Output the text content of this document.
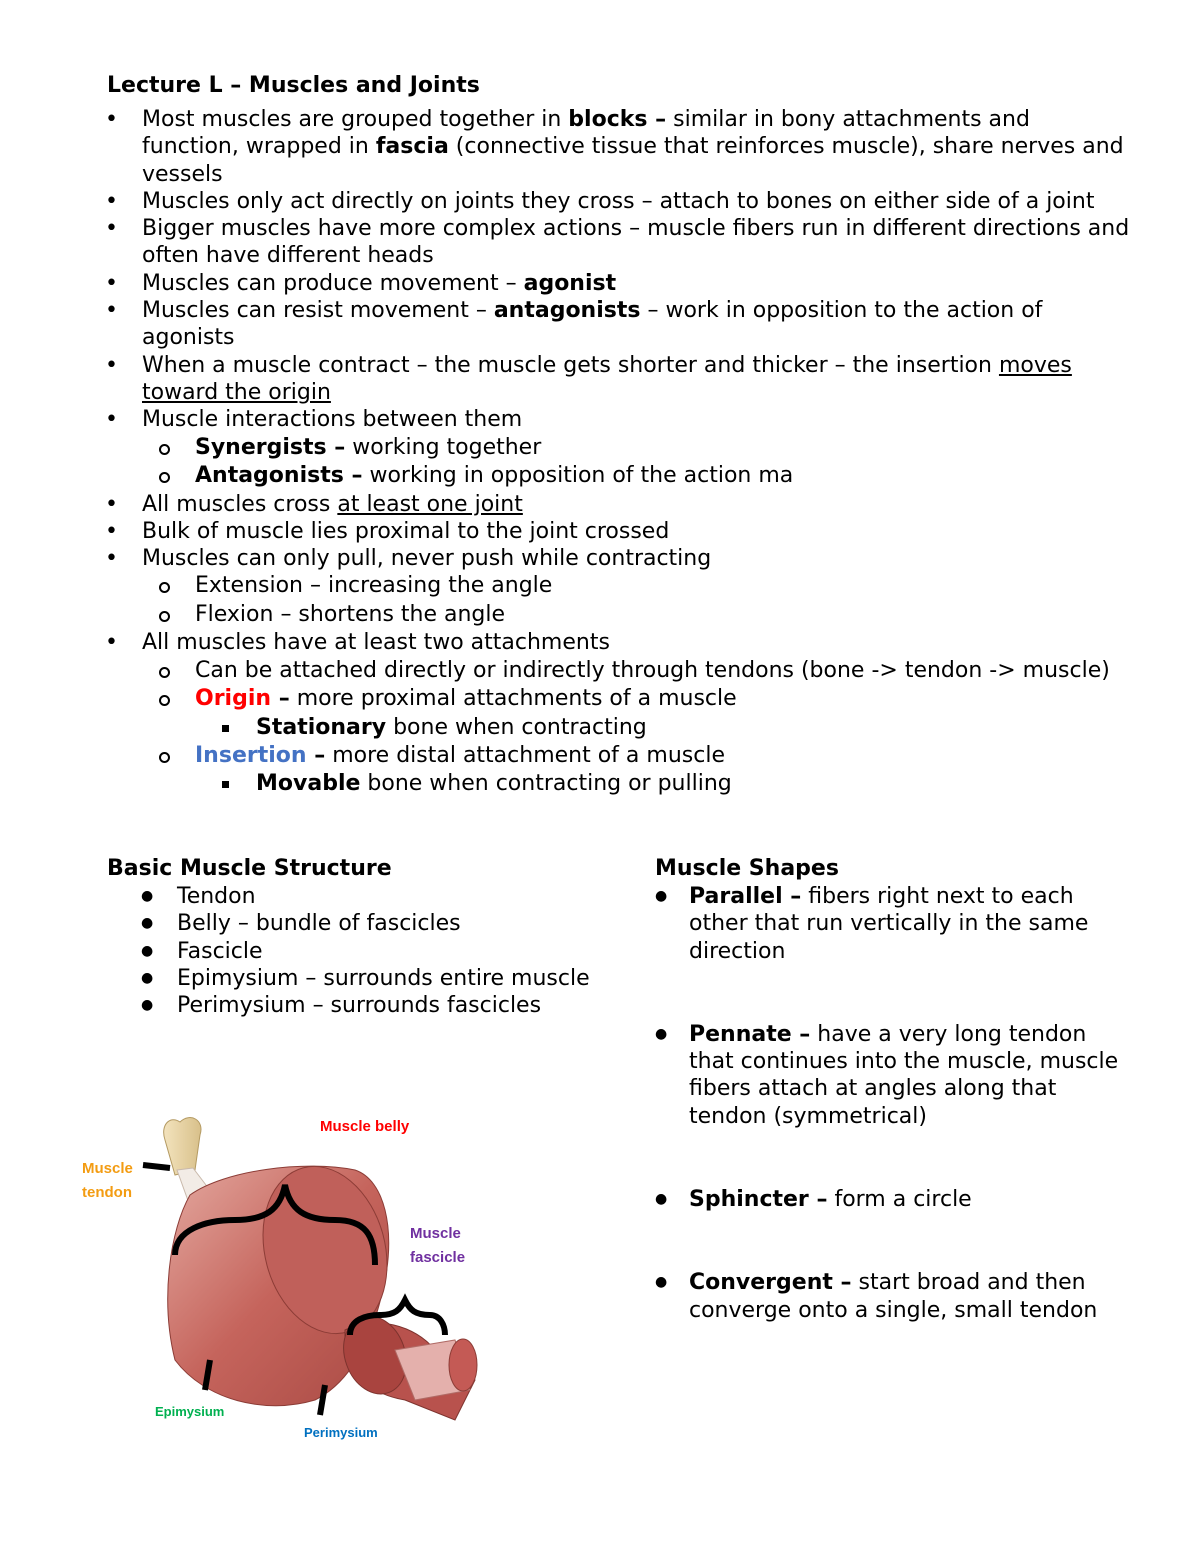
Lecture L – Muscles and Joints
• Most muscles are grouped together in blocks – similar in bony attachments and function, wrapped in fascia (connective tissue that reinforces muscle), share nerves and vessels
• Muscles only act directly on joints they cross – attach to bones on either side of a joint
• Bigger muscles have more complex actions – muscle fibers run in different directions and often have different heads
• Muscles can produce movement – agonist
• Muscles can resist movement – antagonists – work in opposition to the action of agonists
• When a muscle contract – the muscle gets shorter and thicker – the insertion moves toward the origin
• Muscle interactions between them
Synergists – working together
Antagonists – working in opposition of the action ma
• All muscles cross at least one joint
• Bulk of muscle lies proximal to the joint crossed
• Muscles can only pull, never push while contracting
Extension – increasing the angle
Flexion – shortens the angle
• All muscles have at least two attachments
Can be attached directly or indirectly through tendons (bone -> tendon -> muscle)
Origin – more proximal attachments of a muscle
Stationary bone when contracting
Insertion – more distal attachment of a muscle
Movable bone when contracting or pulling
Basic Muscle Structure
● Tendon
● Belly – bundle of fascicles
● Fascicle
● Epimysium – surrounds entire muscle
● Perimysium – surrounds fascicles
Muscle Shapes
● Parallel – fibers right next to each other that run vertically in the same direction
● Pennate – have a very long tendon that continues into the muscle, muscle fibers attach at angles along that tendon (symmetrical)
● Sphincter – form a circle
● Convergent – start broad and then converge onto a single, small tendon
Muscle belly
Muscle
tendon
Muscle
fascicle
Epimysium
Perimysium
